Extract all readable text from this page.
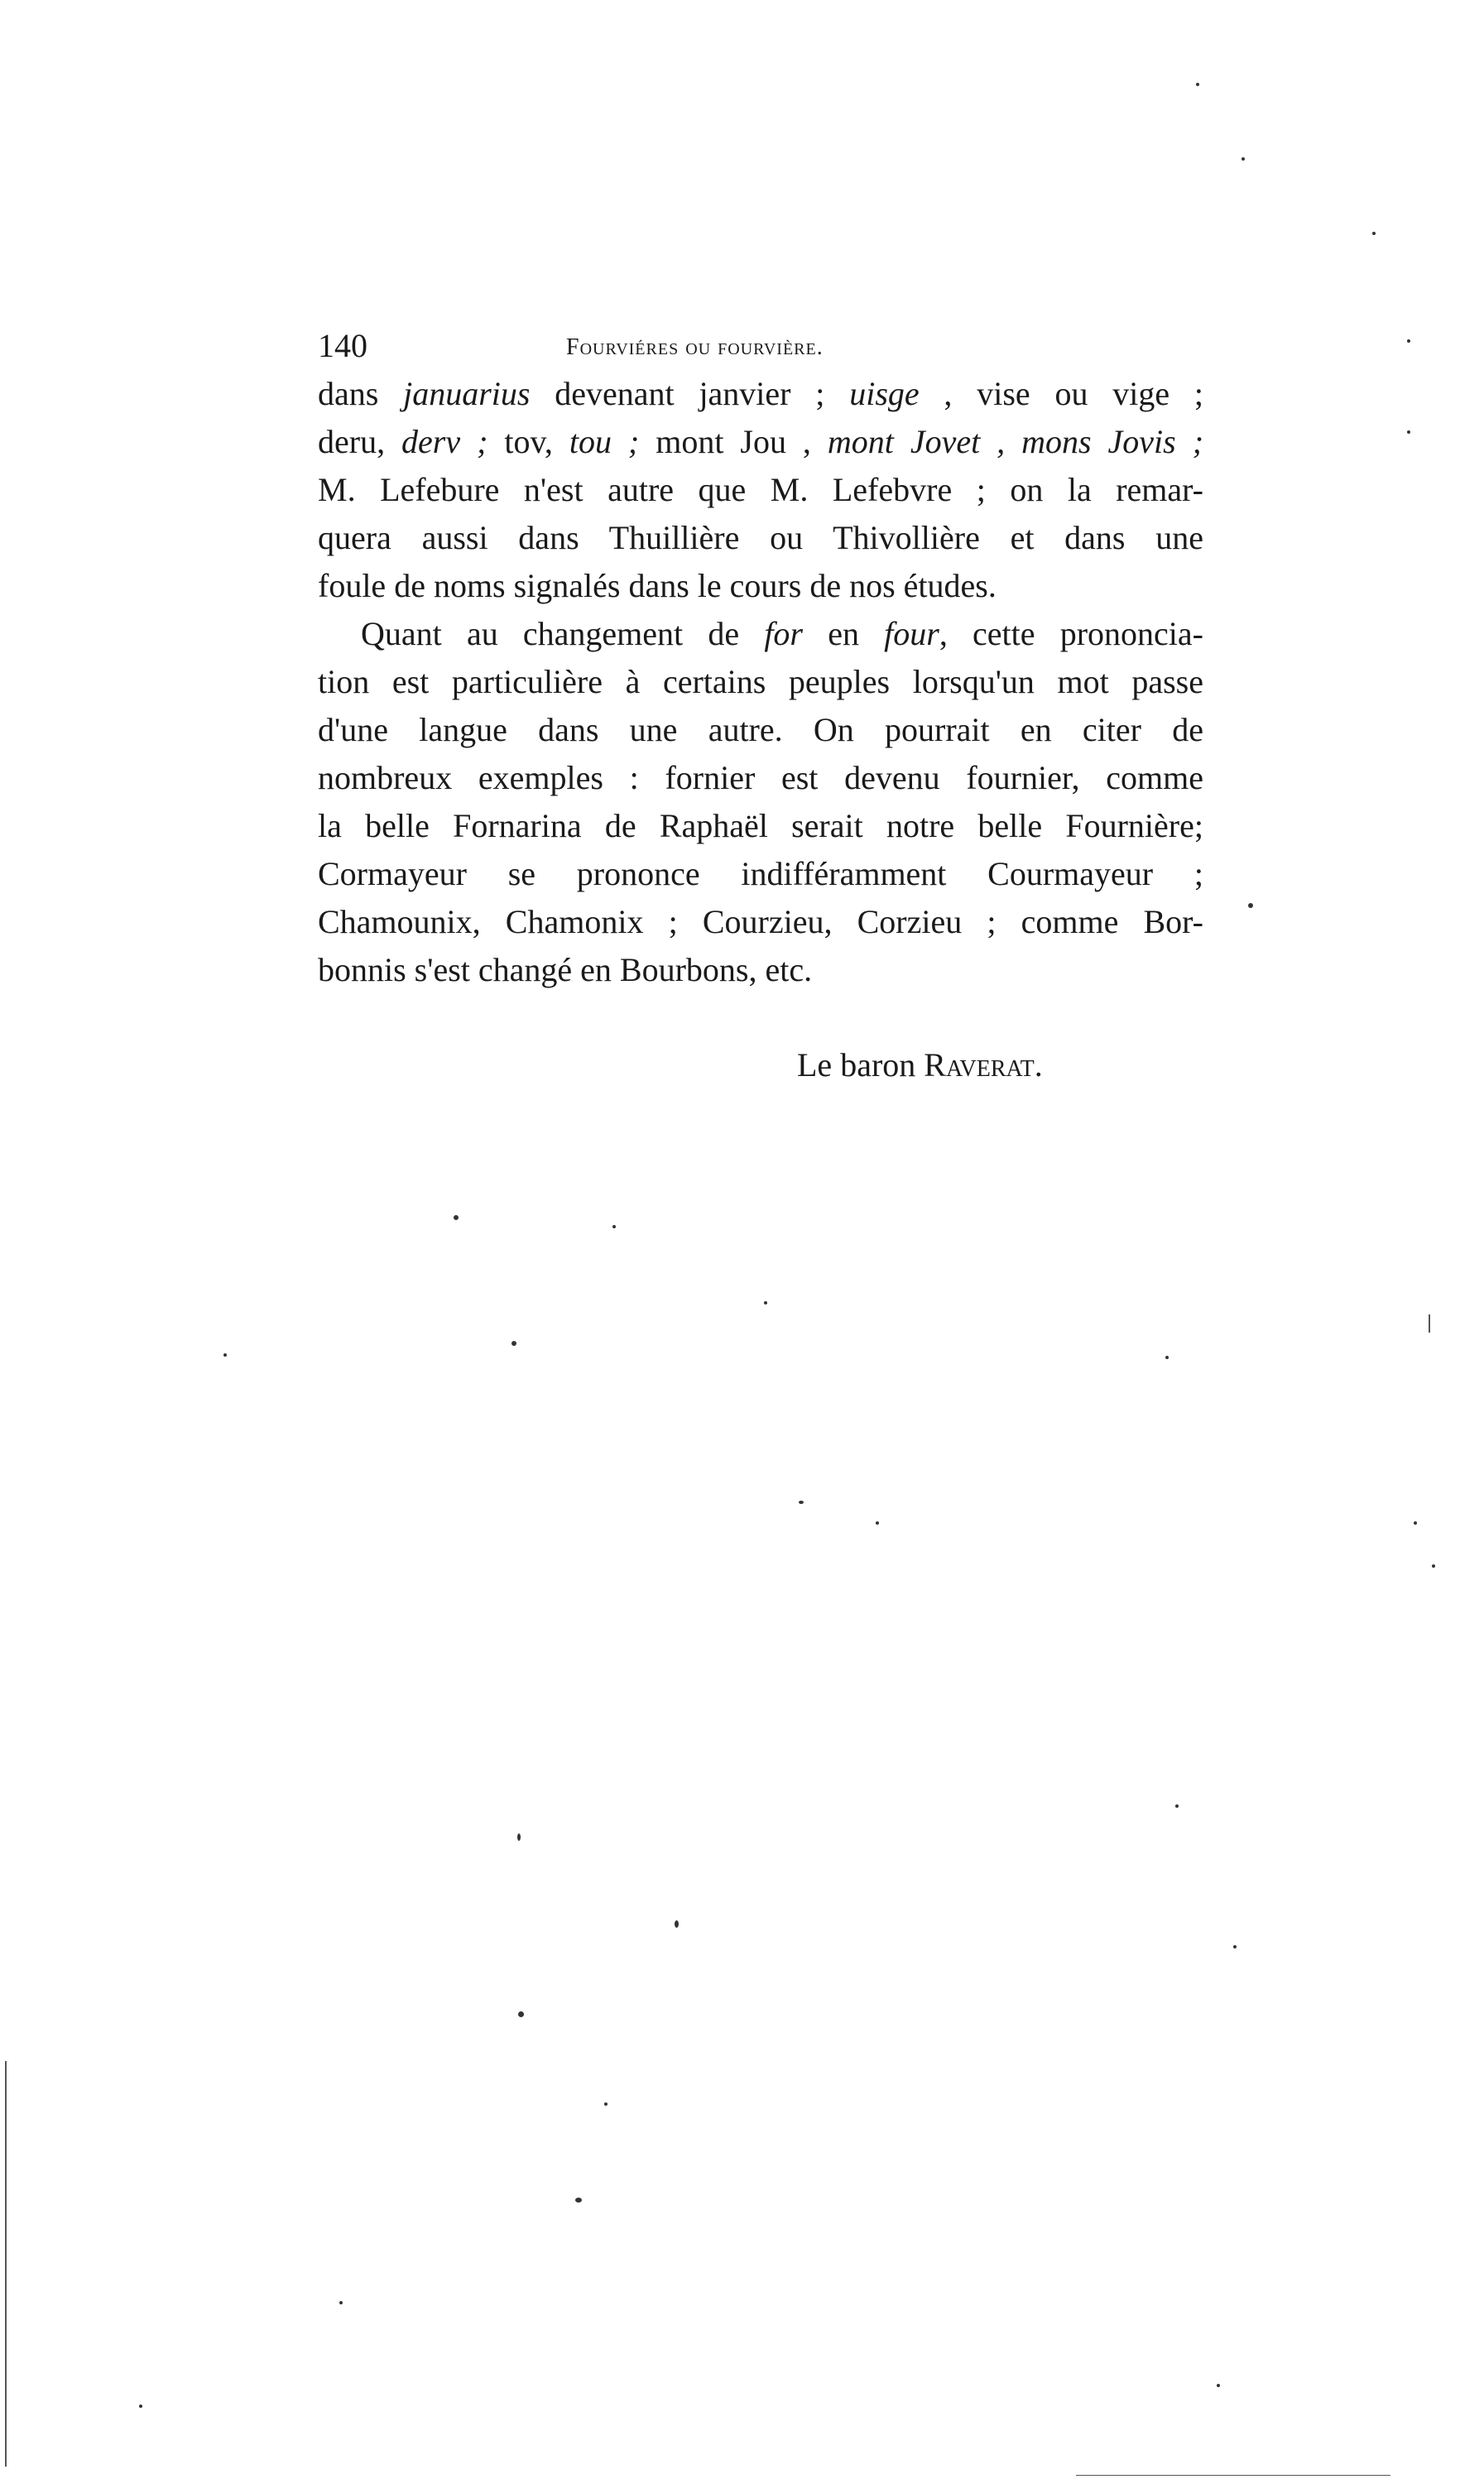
140	fourviéres ou fourvière.

dans januarius devenant janvier ; uisge , vise ou vige ;
deru, derv ; tov, tou ; mont Jou , mont Jovet , mons Jovis ;
M. Lefebure n'est autre que M. Lefebvre ; on la remar-
quera aussi dans Thuillière ou Thivollière et dans une
foule de noms signalés dans le cours de nos études.

Quant au changement de for en four, cette prononcia-
tion est particulière à certains peuples lorsqu'un mot passe
d'une langue dans une autre. On pourrait en citer de
nombreux exemples : fornier est devenu fournier, comme
la belle Fornarina de Raphaël serait notre belle Fournière;
Cormayeur se prononce indifféramment Courmayeur ;
Chamounix, Chamonix ; Courzieu, Corzieu ; comme Bor-
bonnis s'est changé en Bourbons, etc.

Le baron Raverat.
